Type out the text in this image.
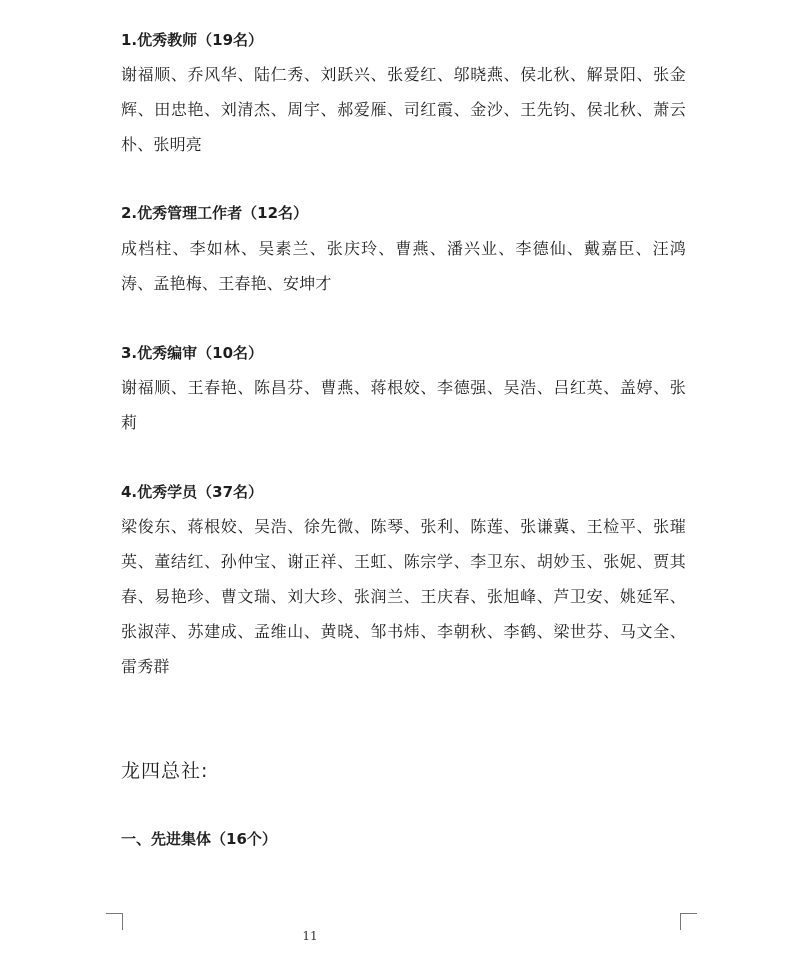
1.优秀教师（19名）
谢福顺、乔风华、陆仁秀、刘跃兴、张爱红、邬晓燕、侯北秋、解景阳、张金辉、田忠艳、刘清杰、周宇、郝爱雁、司红霞、金沙、王先钧、侯北秋、萧云朴、张明亮
2.优秀管理工作者（12名）
成档柱、李如林、吴素兰、张庆玲、曹燕、潘兴业、李德仙、戴嘉臣、汪鸿涛、孟艳梅、王春艳、安坤才
3.优秀编审（10名）
谢福顺、王春艳、陈昌芬、曹燕、蒋根姣、李德强、吴浩、吕红英、盖婷、张莉
4.优秀学员（37名）
梁俊东、蒋根姣、吴浩、徐先微、陈琴、张利、陈莲、张谦冀、王检平、张璀英、董结红、孙仲宝、谢正祥、王虹、陈宗学、李卫东、胡妙玉、张妮、贾其春、易艳珍、曹文瑞、刘大珍、张润兰、王庆春、张旭峰、芦卫安、姚延军、张淑萍、苏建成、孟维山、黄晓、邹书炜、李朝秋、李鹤、梁世芬、马文全、雷秀群
龙四总社:
一、先进集体（16个）
11
